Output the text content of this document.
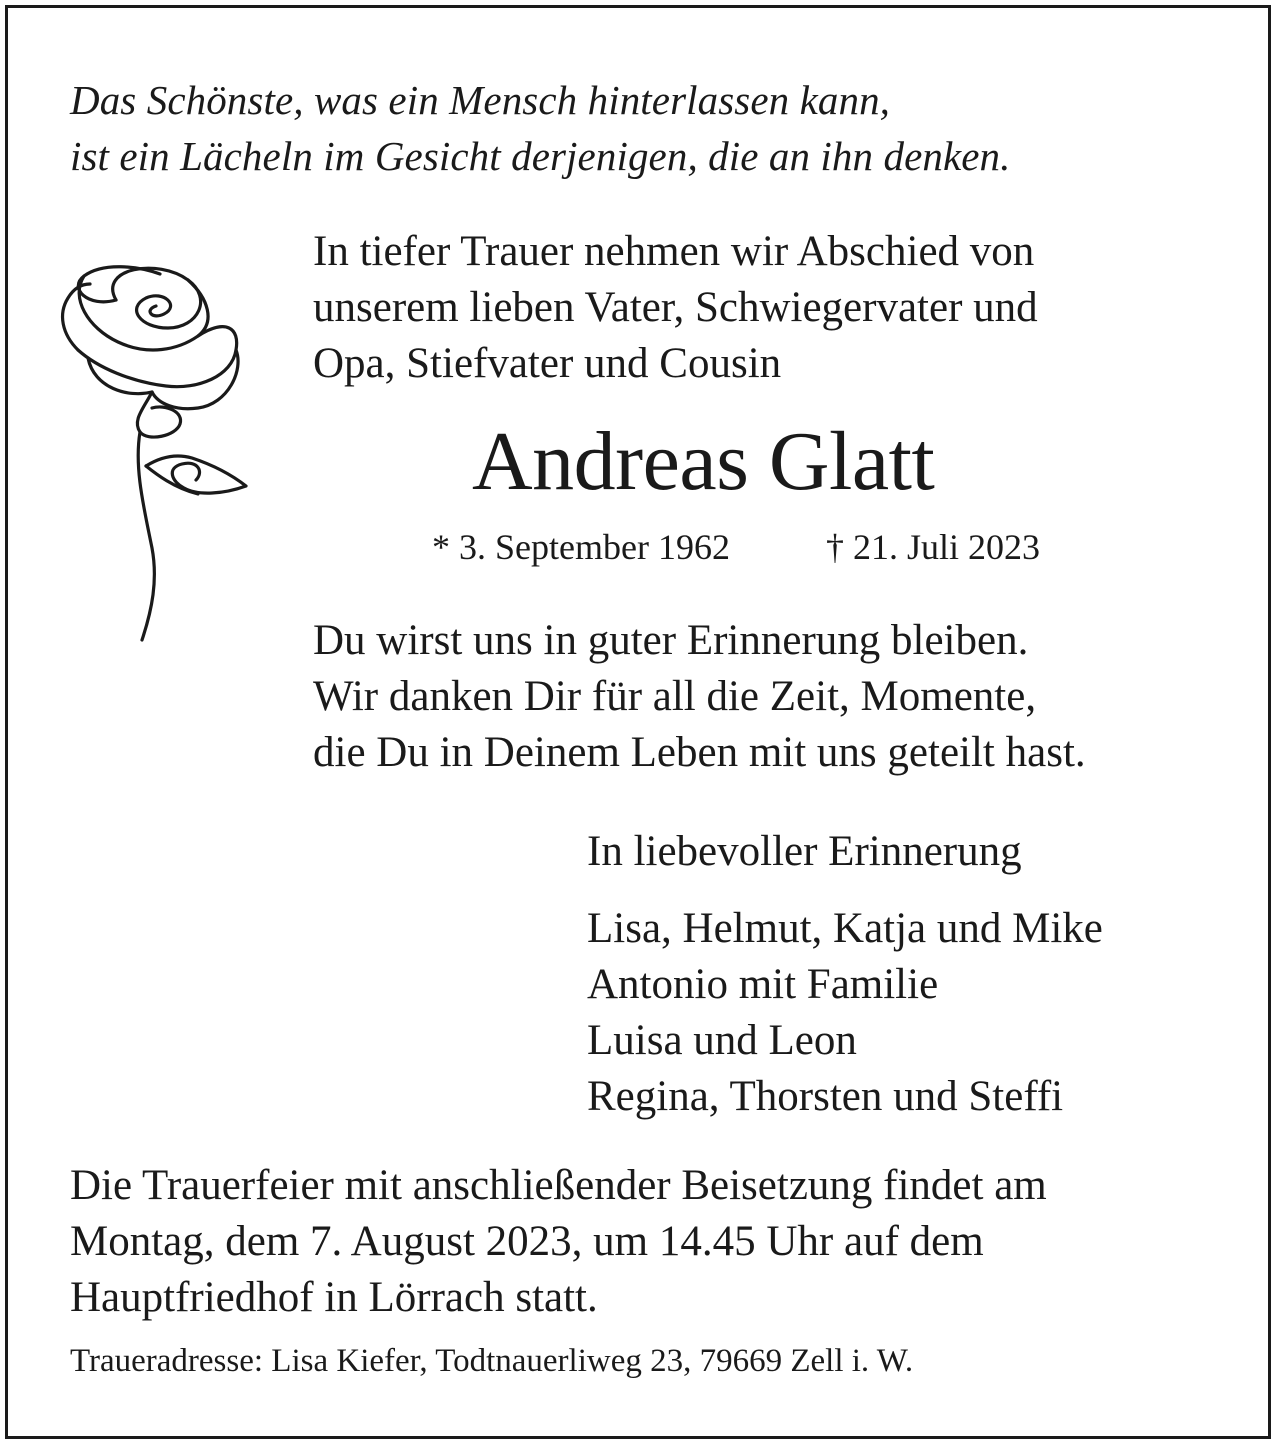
Das Schönste, was ein Mensch hinterlassen kann,
ist ein Lächeln im Gesicht derjenigen, die an ihn denken.
In tiefer Trauer nehmen wir Abschied von
unserem lieben Vater, Schwiegervater und
Opa, Stiefvater und Cousin
Andreas Glatt
* 3. September 1962	† 21. Juli 2023
Du wirst uns in guter Erinnerung bleiben.
Wir danken Dir für all die Zeit, Momente,
die Du in Deinem Leben mit uns geteilt hast.
In liebevoller Erinnerung
Lisa, Helmut, Katja und Mike
Antonio mit Familie
Luisa und Leon
Regina, Thorsten und Steffi
Die Trauerfeier mit anschließender Beisetzung findet am
Montag, dem 7. August 2023, um 14.45 Uhr auf dem
Hauptfriedhof in Lörrach statt.
Traueradresse: Lisa Kiefer, Todtnauerliweg 23, 79669 Zell i. W.
